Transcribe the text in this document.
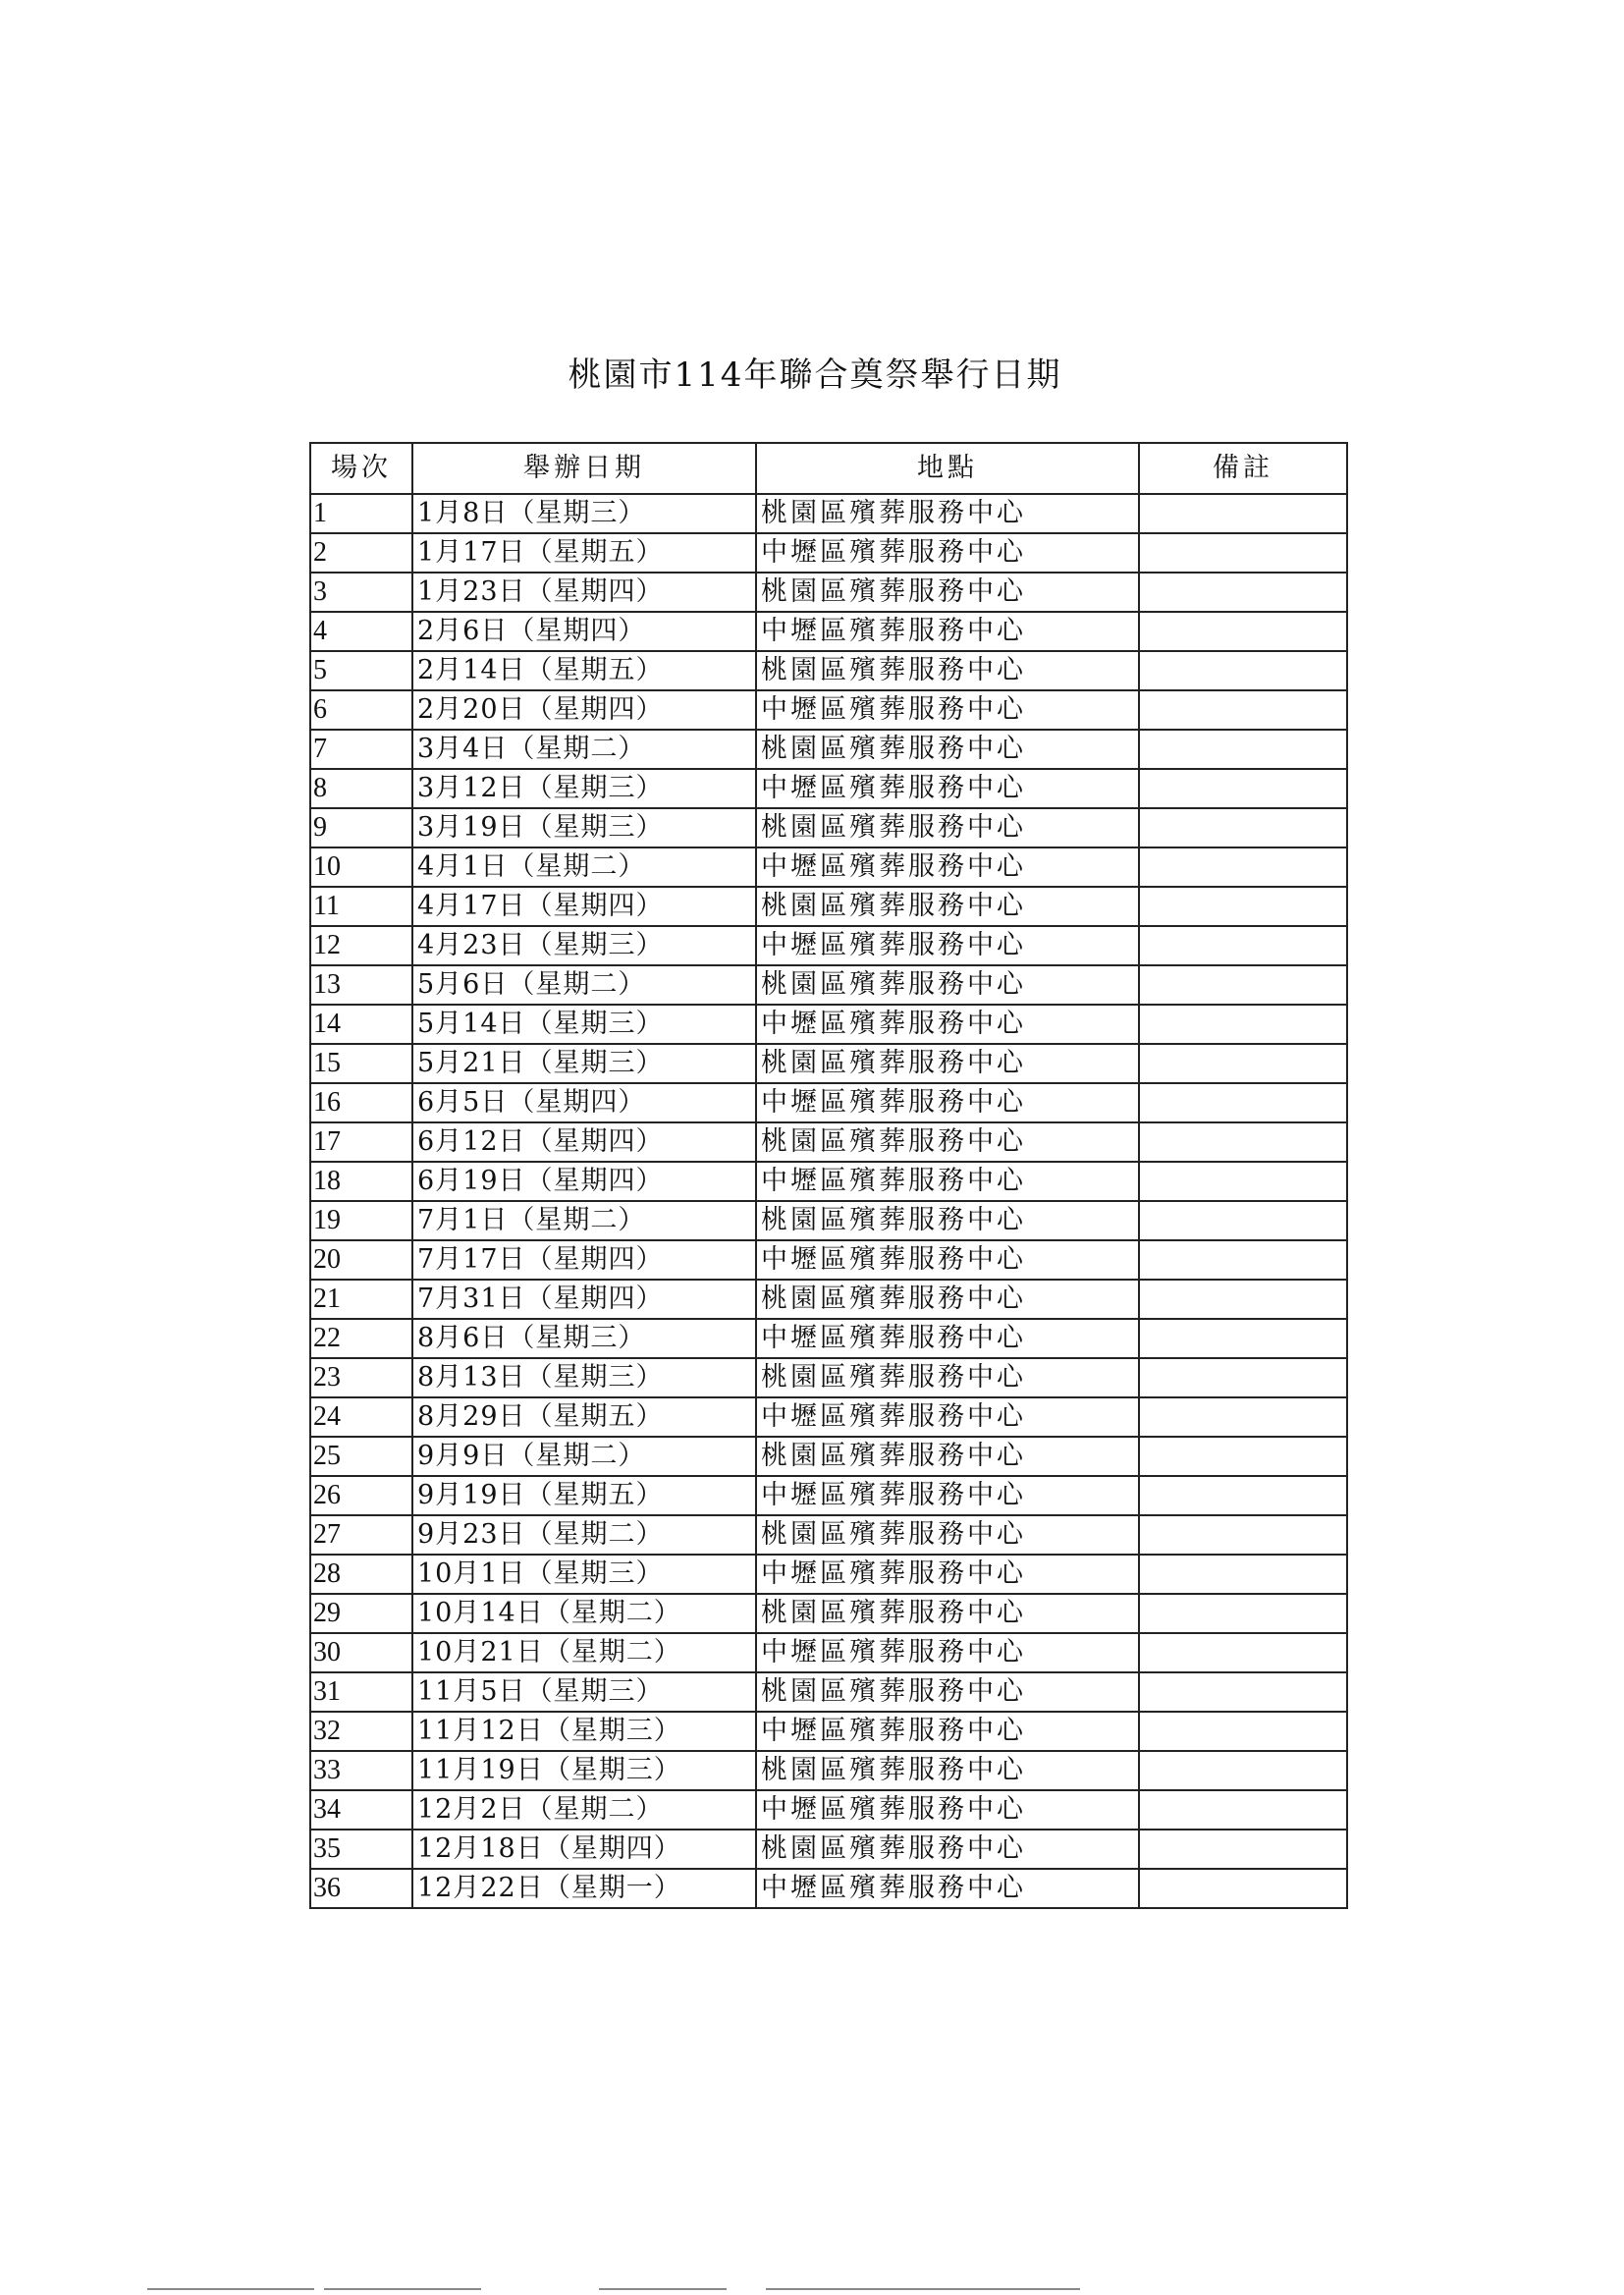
桃園市114年聯合奠祭舉行日期
場次	舉辦日期	地點	備註
1	1月8日（星期三）	桃園區殯葬服務中心	
2	1月17日（星期五）	中壢區殯葬服務中心	
3	1月23日（星期四）	桃園區殯葬服務中心	
4	2月6日（星期四）	中壢區殯葬服務中心	
5	2月14日（星期五）	桃園區殯葬服務中心	
6	2月20日（星期四）	中壢區殯葬服務中心	
7	3月4日（星期二）	桃園區殯葬服務中心	
8	3月12日（星期三）	中壢區殯葬服務中心	
9	3月19日（星期三）	桃園區殯葬服務中心	
10	4月1日（星期二）	中壢區殯葬服務中心	
11	4月17日（星期四）	桃園區殯葬服務中心	
12	4月23日（星期三）	中壢區殯葬服務中心	
13	5月6日（星期二）	桃園區殯葬服務中心	
14	5月14日（星期三）	中壢區殯葬服務中心	
15	5月21日（星期三）	桃園區殯葬服務中心	
16	6月5日（星期四）	中壢區殯葬服務中心	
17	6月12日（星期四）	桃園區殯葬服務中心	
18	6月19日（星期四）	中壢區殯葬服務中心	
19	7月1日（星期二）	桃園區殯葬服務中心	
20	7月17日（星期四）	中壢區殯葬服務中心	
21	7月31日（星期四）	桃園區殯葬服務中心	
22	8月6日（星期三）	中壢區殯葬服務中心	
23	8月13日（星期三）	桃園區殯葬服務中心	
24	8月29日（星期五）	中壢區殯葬服務中心	
25	9月9日（星期二）	桃園區殯葬服務中心	
26	9月19日（星期五）	中壢區殯葬服務中心	
27	9月23日（星期二）	桃園區殯葬服務中心	
28	10月1日（星期三）	中壢區殯葬服務中心	
29	10月14日（星期二）	桃園區殯葬服務中心	
30	10月21日（星期二）	中壢區殯葬服務中心	
31	11月5日（星期三）	桃園區殯葬服務中心	
32	11月12日（星期三）	中壢區殯葬服務中心	
33	11月19日（星期三）	桃園區殯葬服務中心	
34	12月2日（星期二）	中壢區殯葬服務中心	
35	12月18日（星期四）	桃園區殯葬服務中心	
36	12月22日（星期一）	中壢區殯葬服務中心	
